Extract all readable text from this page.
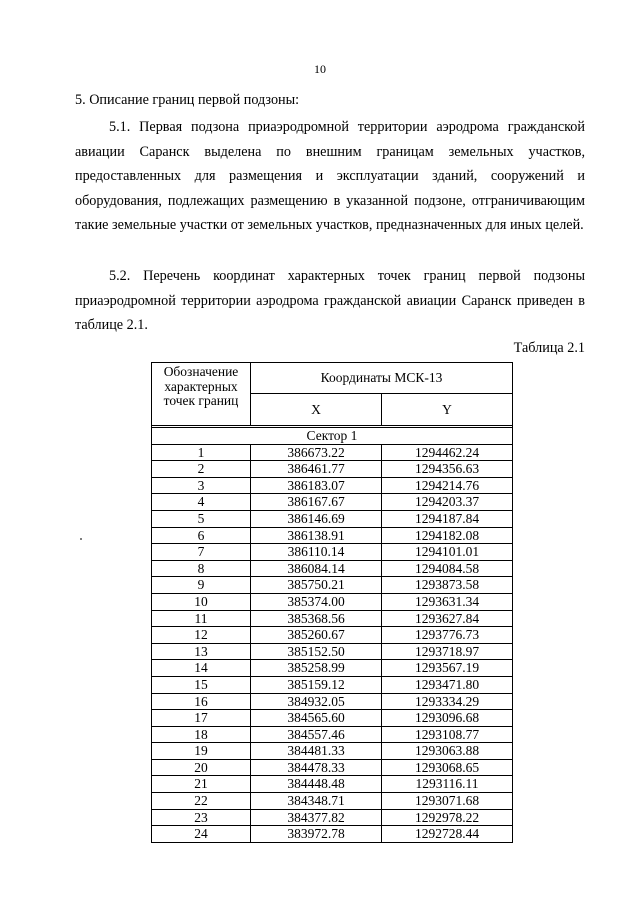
10
5. Описание границ первой подзоны:
5.1. Первая подзона приаэродромной территории аэродрома гражданской авиации Саранск выделена по внешним границам земельных участков, предоставленных для размещения и эксплуатации зданий, сооружений и оборудования, подлежащих размещению в указанной подзоне, отграничивающим такие земельные участки от земельных участков, предназначенных для иных целей.
5.2. Перечень координат характерных точек границ первой подзоны приаэродромной территории аэродрома гражданской авиации Саранск приведен в таблице 2.1.
Таблица 2.1
Обозначение характерных точек границ	Координаты МСК-13	
	X	Y

Сектор 1		
1	386673.22	1294462.24
2	386461.77	1294356.63
3	386183.07	1294214.76
4	386167.67	1294203.37
5	386146.69	1294187.84
6	386138.91	1294182.08
7	386110.14	1294101.01
8	386084.14	1294084.58
9	385750.21	1293873.58
10	385374.00	1293631.34
11	385368.56	1293627.84
12	385260.67	1293776.73
13	385152.50	1293718.97
14	385258.99	1293567.19
15	385159.12	1293471.80
16	384932.05	1293334.29
17	384565.60	1293096.68
18	384557.46	1293108.77
19	384481.33	1293063.88
20	384478.33	1293068.65
21	384448.48	1293116.11
22	384348.71	1293071.68
23	384377.82	1292978.22
24	383972.78	1292728.44
